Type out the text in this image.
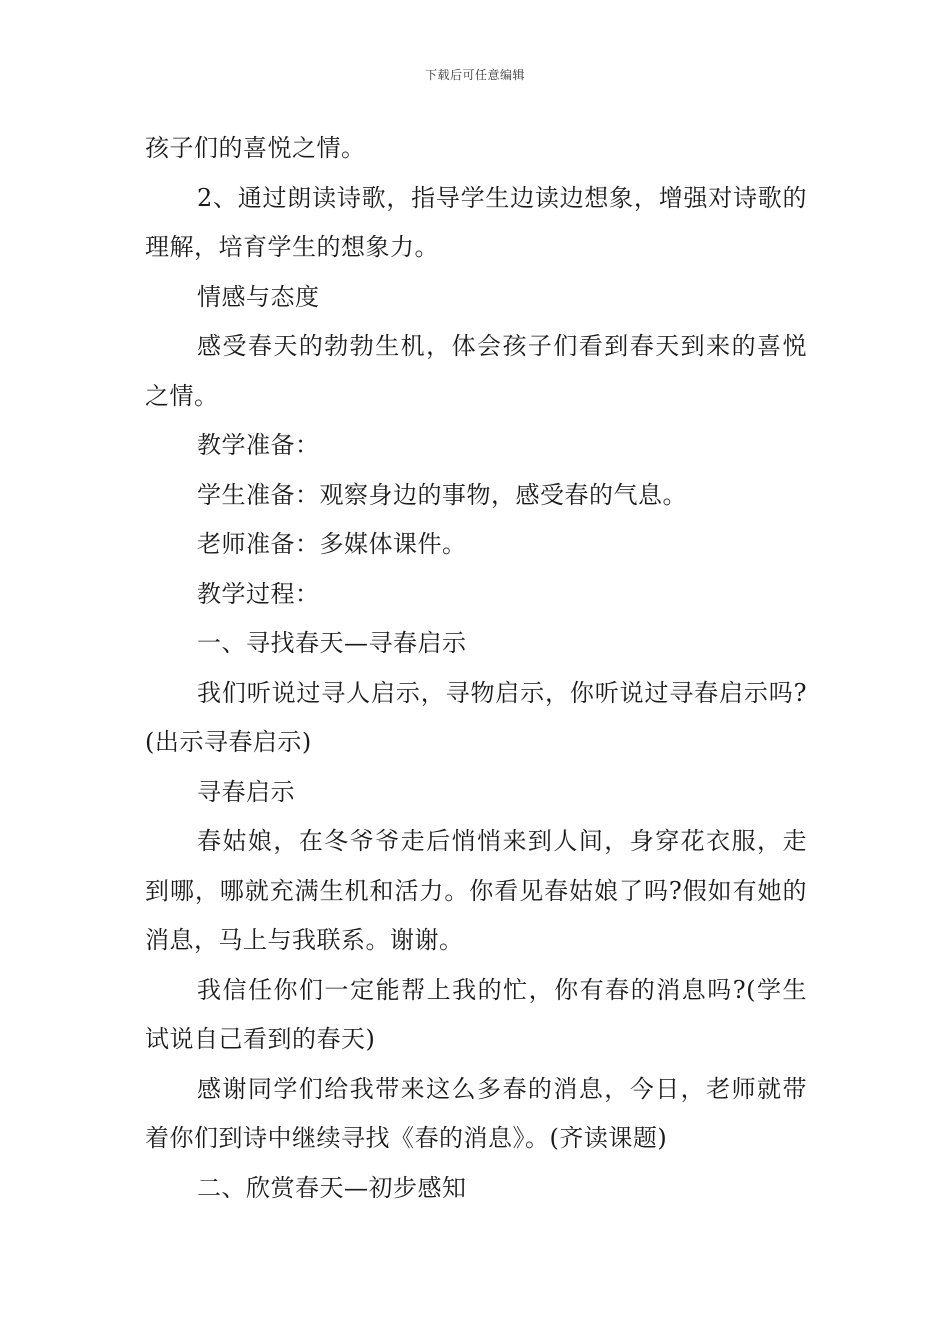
下载后可任意编辑

孩子们的喜悦之情。

2、通过朗读诗歌，指导学生边读边想象，增强对诗歌的理解，培育学生的想象力。

情感与态度

感受春天的勃勃生机，体会孩子们看到春天到来的喜悦之情。

教学准备：

学生准备：观察身边的事物，感受春的气息。

老师准备：多媒体课件。

教学过程：

一、寻找春天—寻春启示

我们听说过寻人启示，寻物启示，你听说过寻春启示吗?(出示寻春启示)

寻春启示

春姑娘，在冬爷爷走后悄悄来到人间，身穿花衣服，走到哪，哪就充满生机和活力。你看见春姑娘了吗?假如有她的消息，马上与我联系。谢谢。

我信任你们一定能帮上我的忙，你有春的消息吗?(学生试说自己看到的春天)

感谢同学们给我带来这么多春的消息，今日，老师就带着你们到诗中继续寻找《春的消息》。(齐读课题)

二、欣赏春天—初步感知
